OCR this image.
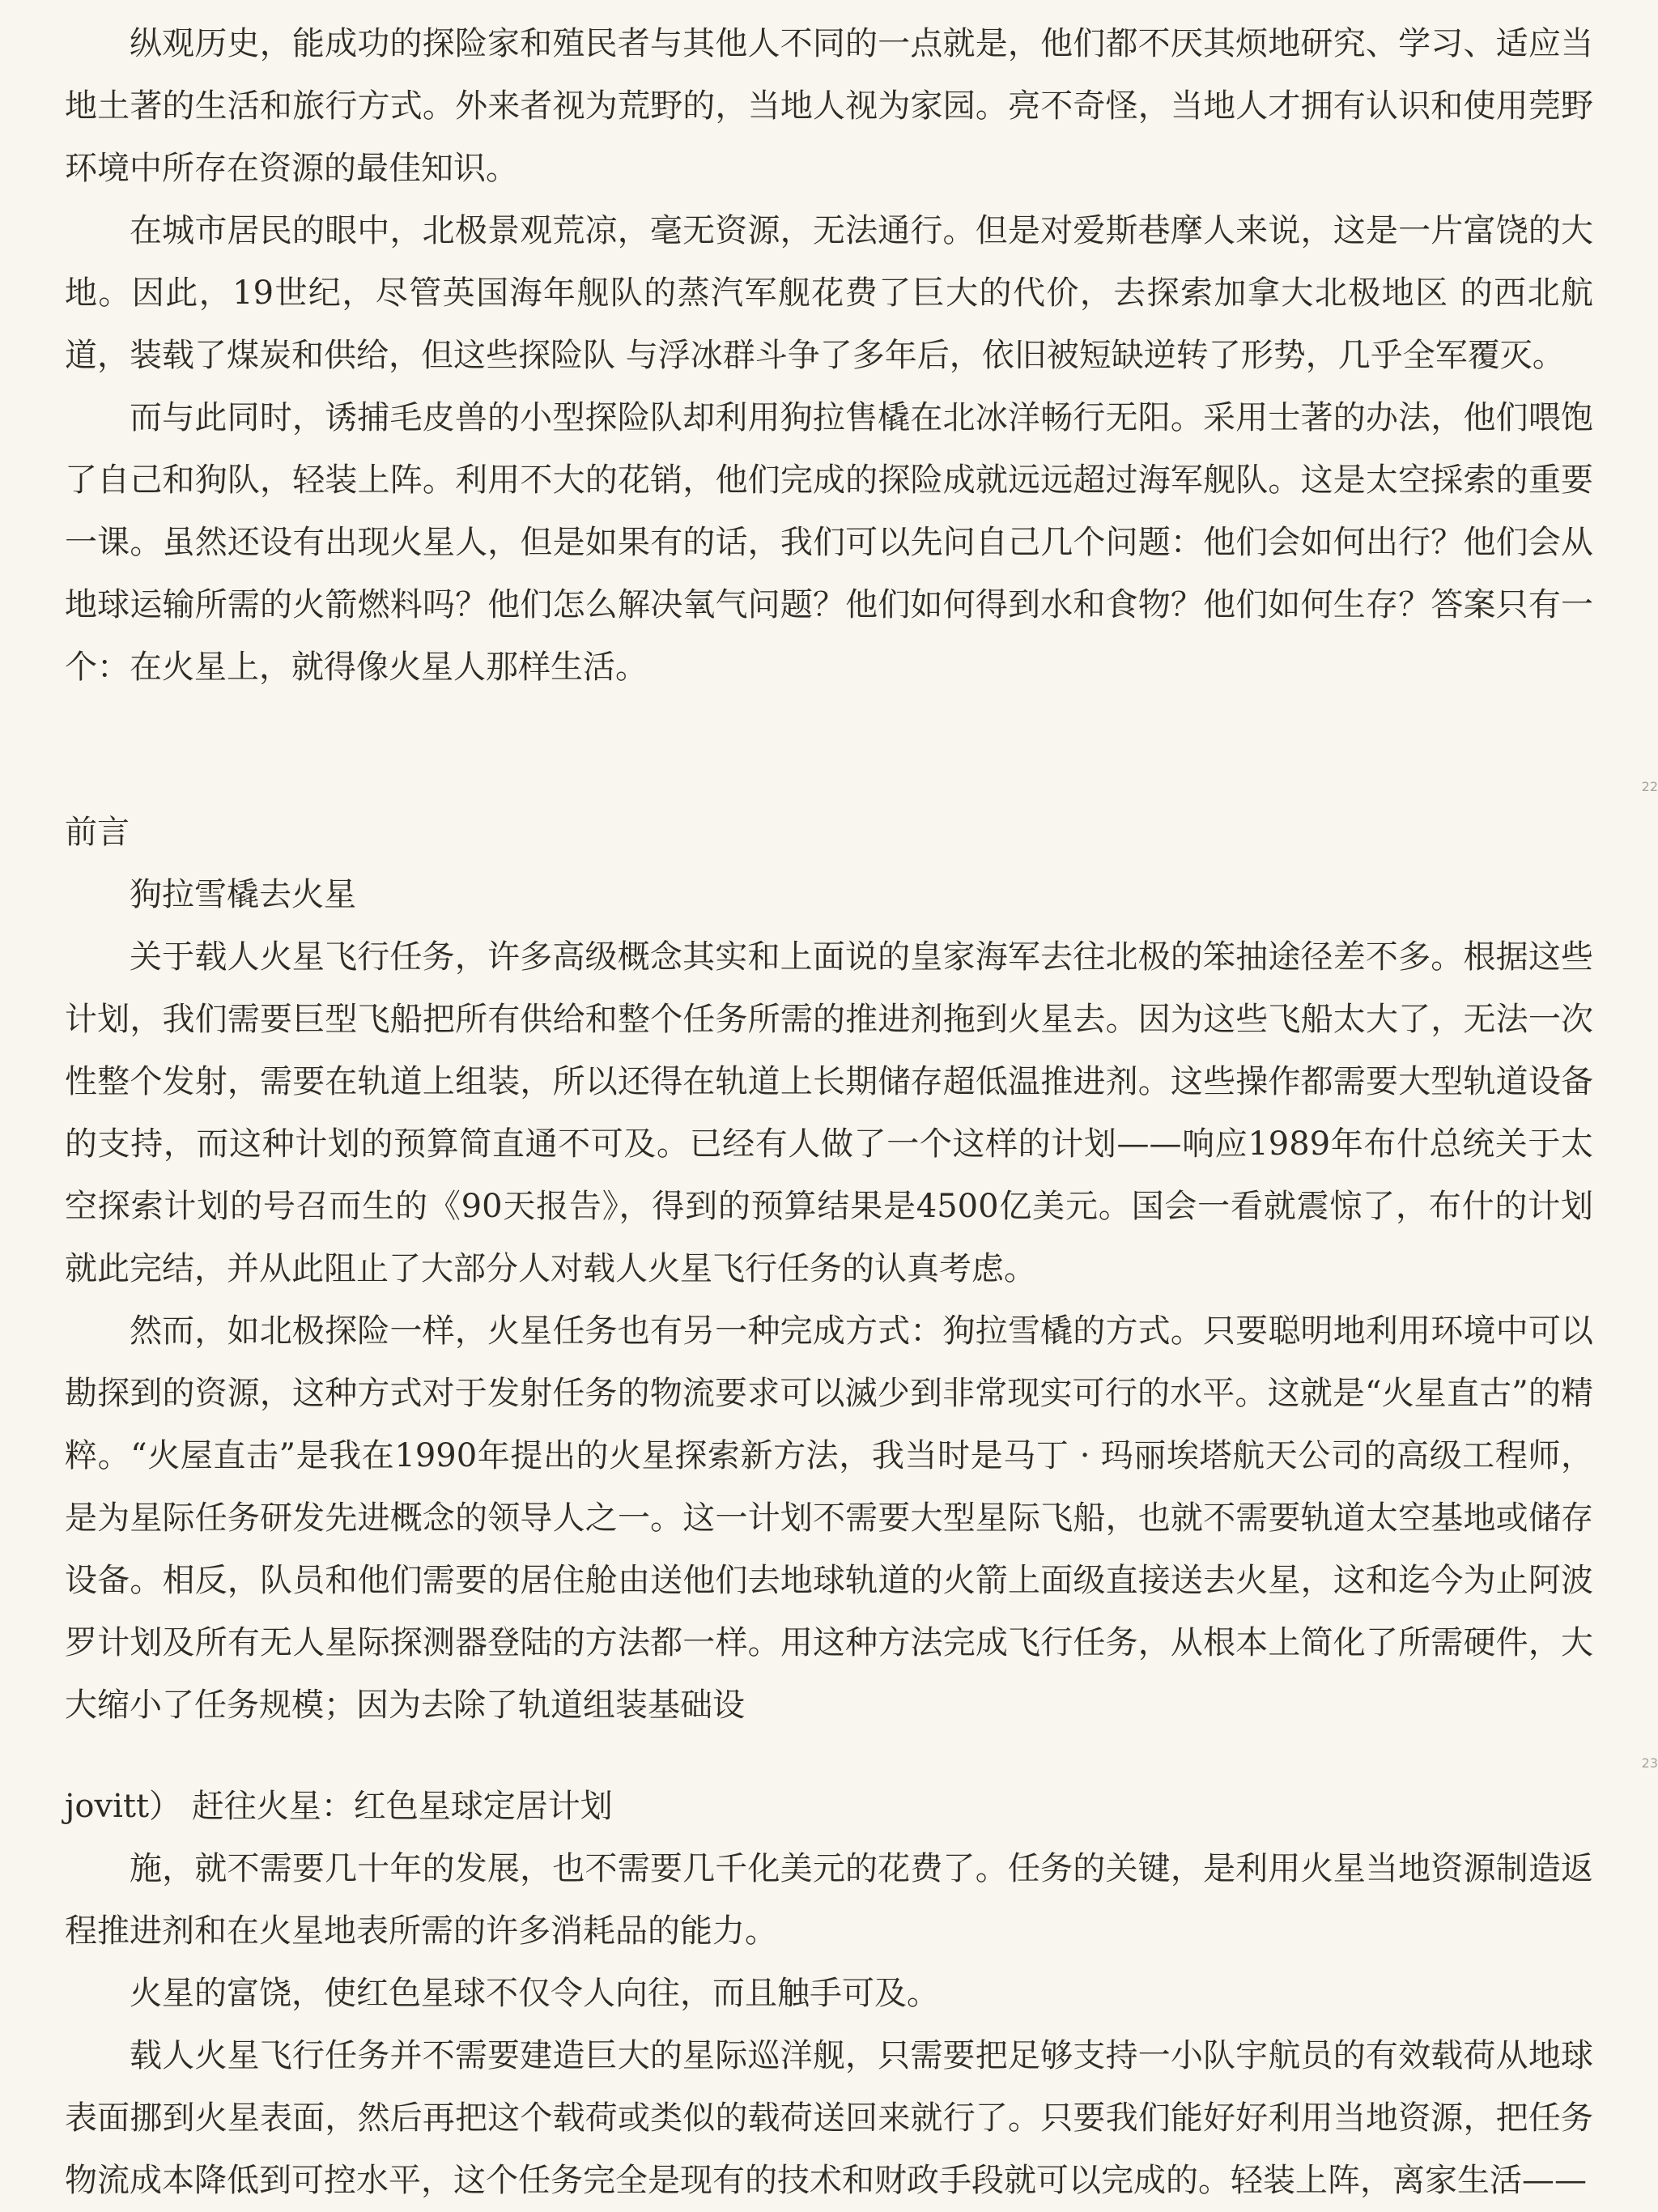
纵观历史，能成功的探险家和殖民者与其他人不同的一点就是，他们都不厌其烦地研究、学习、适应当地土著的生活和旅行方式。外来者视为荒野的，当地人视为家园。亮不奇怪，当地人才拥有认识和使用莞野环境中所存在资源的最佳知识。

在城市居民的眼中，北极景观荒凉，毫无资源，无法通行。但是对爱斯巷摩人来说，这是一片富饶的大地。因此，19世纪，尽管英国海年舰队的蒸汽军舰花费了巨大的代价，去探索加拿大北极地区 的西北航道，装载了煤炭和供给，但这些探险队 与浮冰群斗争了多年后，依旧被短缺逆转了形势，几乎全军覆灭。

而与此同时，诱捕毛皮兽的小型探险队却利用狗拉售橇在北冰洋畅行无阳。采用士著的办法，他们喂饱了自己和狗队，轻装上阵。利用不大的花销，他们完成的探险成就远远超过海军舰队。这是太空採索的重要一课。虽然还设有出现火星人，但是如果有的话，我们可以先问自己几个问题：他们会如何出行？他们会从地球运输所需的火箭燃料吗？他们怎么解决氧气问题？他们如何得到水和食物？他们如何生存？答案只有一个：在火星上，就得像火星人那样生活。

22

前言

狗拉雪橇去火星

关于载人火星飞行任务，许多高级概念其实和上面说的皇家海军去往北极的笨抽途径差不多。根据这些计划，我们需要巨型飞船把所有供给和整个任务所需的推进剂拖到火星去。因为这些飞船太大了，无法一次性整个发射，需要在轨道上组装，所以还得在轨道上长期储存超低温推进剂。这些操作都需要大型轨道设备的支持，而这种计划的预算简直通不可及。已经有人做了一个这样的计划——响应1989年布什总统关于太空探索计划的号召而生的《90天报告》，得到的预算结果是4500亿美元。国会一看就震惊了，布什的计划就此完结，并从此阻止了大部分人对载人火星飞行任务的认真考虑。

然而，如北极探险一样，火星任务也有另一种完成方式：狗拉雪橇的方式。只要聪明地利用环境中可以勘探到的资源，这种方式对于发射任务的物流要求可以滅少到非常现实可行的水平。这就是“火星直古”的精粹。“火屋直击”是我在1990年提出的火星探索新方法，我当时是马丁 · 玛丽埃塔航天公司的高级工程师，是为星际任务研发先进概念的领导人之一。这一计划不需要大型星际飞船，也就不需要轨道太空基地或储存设备。相反，队员和他们需要的居住舱由送他们去地球轨道的火箭上面级直接送去火星，这和迄今为止阿波罗计划及所有无人星际探测器登陆的方法都一样。用这种方法完成飞行任务，从根本上简化了所需硬件，大大缩小了任务规模；因为去除了轨道组装基础设

23

jovitt） 赶往火星：红色星球定居计划

施，就不需要几十年的发展，也不需要几千化美元的花费了。任务的关键，是利用火星当地资源制造返程推进剂和在火星地表所需的许多消耗品的能力。

火星的富饶，使红色星球不仅令人向往，而且触手可及。

载人火星飞行任务并不需要建造巨大的星际巡洋舰，只需要把足够支持一小队宇航员的有效载荷从地球表面挪到火星表面，然后再把这个载荷或类似的载荷送回来就行了。只要我们能好好利用当地资源，把任务物流成本降低到可控水平，这个任务完全是现有的技术和财政手段就可以完成的。轻装上阵，离家生活——
